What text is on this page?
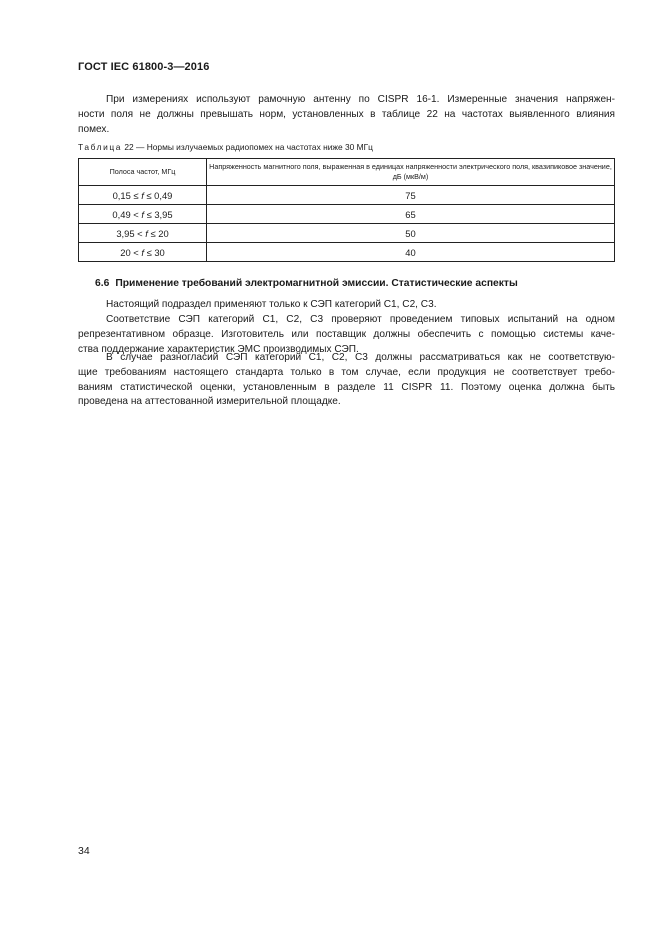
ГОСТ IEC 61800-3—2016
При измерениях используют рамочную антенну по CISPR 16-1. Измеренные значения напряжен-
ности поля не должны превышать норм, установленных в таблице 22 на частотах выявленного влияния
помех.
Таблица 22 — Нормы излучаемых радиопомех на частотах ниже 30 МГц
Полоса частот, МГц	Напряженность магнитного поля, выраженная в единицах напряженности электрического поля, квазипиковое значение, дБ (мкВ/м)
0,15 ≤ f ≤ 0,49	75
0,49 < f ≤ 3,95	65
3,95 < f ≤ 20	50
20 < f ≤ 30	40
6.6 Применение требований электромагнитной эмиссии. Статистические аспекты
Настоящий подраздел применяют только к СЭП категорий C1, C2, C3.
Соответствие СЭП категорий C1, C2, C3 проверяют проведением типовых испытаний на одном
репрезентативном образце. Изготовитель или поставщик должны обеспечить с помощью системы каче-
ства поддержание характеристик ЭМС производимых СЭП.
В случае разногласий СЭП категорий C1, C2, C3 должны рассматриваться как не соответствую-
щие требованиям настоящего стандарта только в том случае, если продукция не соответствует требо-
ваниям статистической оценки, установленным в разделе 11 CISPR 11. Поэтому оценка должна быть
проведена на аттестованной измерительной площадке.
34
